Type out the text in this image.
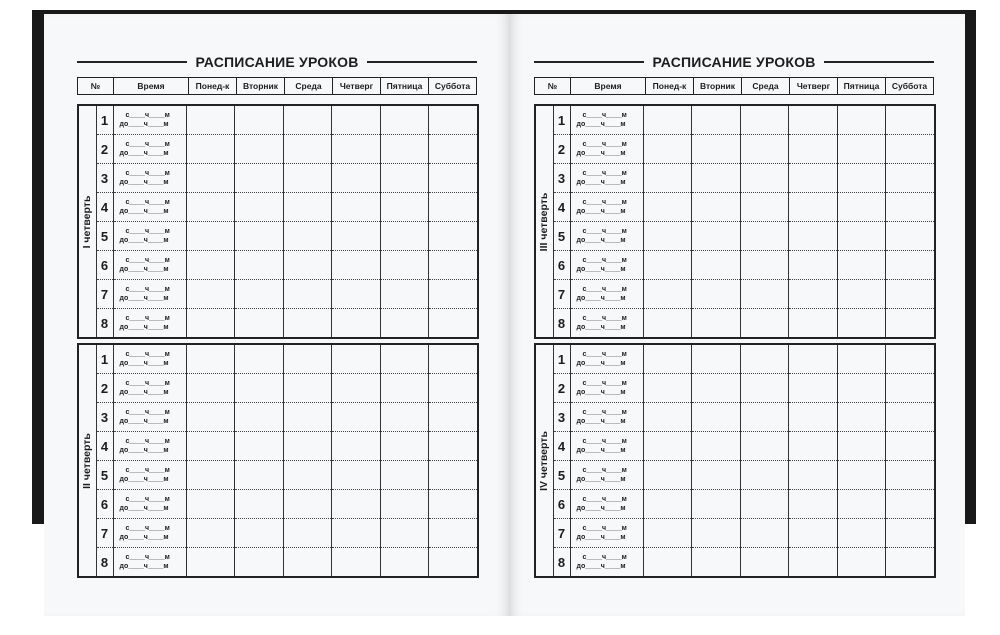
РАСПИСАНИЕ УРОКОВ
№	Время	Понед-к	Вторник	Среда	Четверг	Пятница	Суббота
I четверть	1	с____ч____м
до____ч____м						

	2	с____ч____м
до____ч____м						

	3	с____ч____м
до____ч____м						

	4	с____ч____м
до____ч____м						

	5	с____ч____м
до____ч____м						

	6	с____ч____м
до____ч____м						

	7	с____ч____м
до____ч____м						

	8	с____ч____м
до____ч____м						

II четверть	1	с____ч____м
до____ч____м						

	2	с____ч____м
до____ч____м						

	3	с____ч____м
до____ч____м						

	4	с____ч____м
до____ч____м						

	5	с____ч____м
до____ч____м						

	6	с____ч____м
до____ч____м						

	7	с____ч____м
до____ч____м						

	8	с____ч____м
до____ч____м						

РАСПИСАНИЕ УРОКОВ
№	Время	Понед-к	Вторник	Среда	Четверг	Пятница	Суббота
III четверть	1	с____ч____м
до____ч____м						

	2	с____ч____м
до____ч____м						

	3	с____ч____м
до____ч____м						

	4	с____ч____м
до____ч____м						

	5	с____ч____м
до____ч____м						

	6	с____ч____м
до____ч____м						

	7	с____ч____м
до____ч____м						

	8	с____ч____м
до____ч____м						

IV четверть	1	с____ч____м
до____ч____м						

	2	с____ч____м
до____ч____м						

	3	с____ч____м
до____ч____м						

	4	с____ч____м
до____ч____м						

	5	с____ч____м
до____ч____м						

	6	с____ч____м
до____ч____м						

	7	с____ч____м
до____ч____м						

	8	с____ч____м
до____ч____м						
